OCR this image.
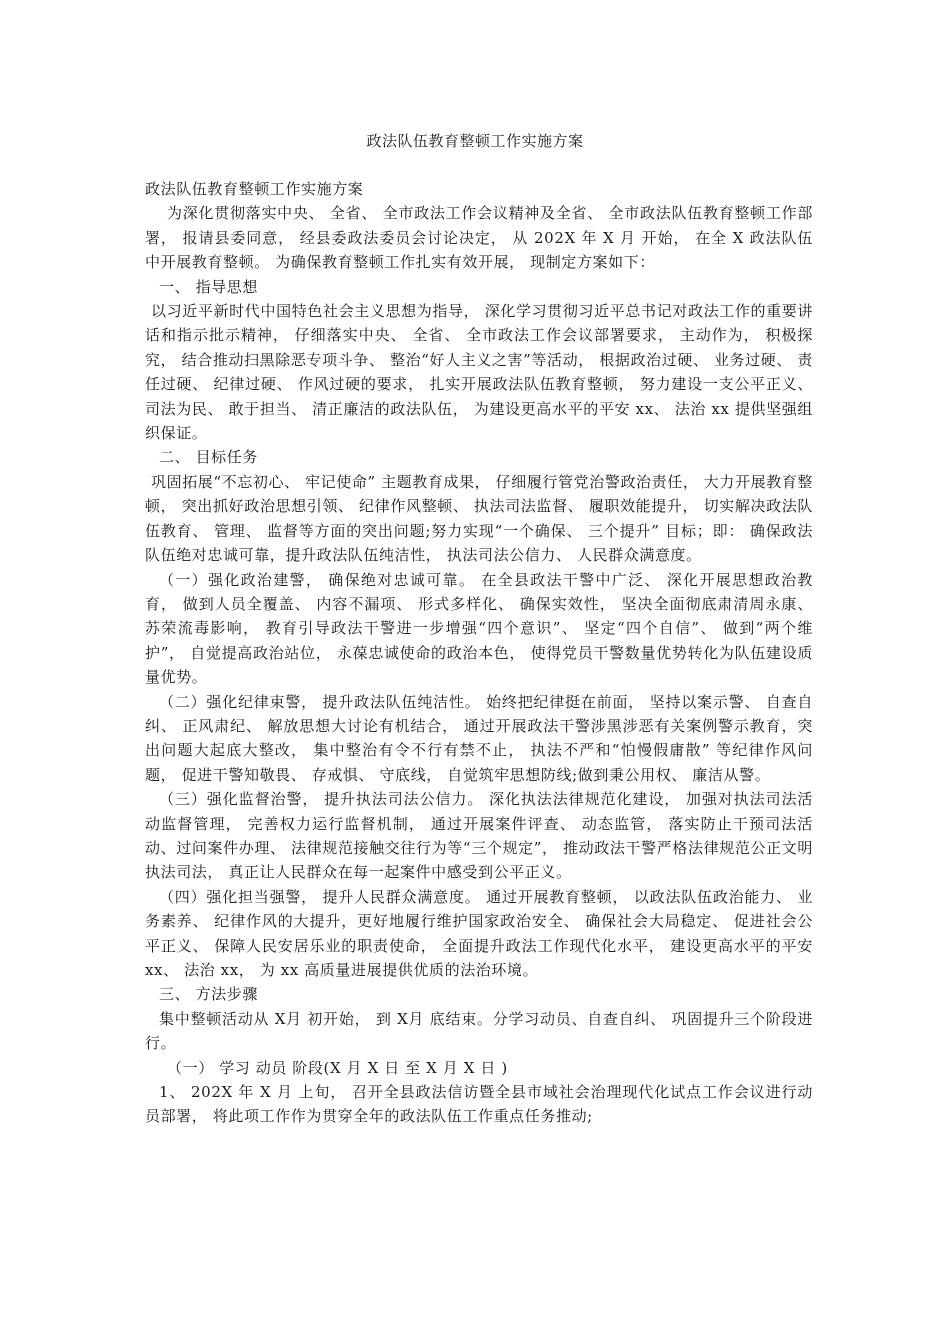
政法队伍教育整顿工作实施方案

政法队伍教育整顿工作实施方案

为深化贯彻落实中央、 全省、 全市政法工作会议精神及全省、 全市政法队伍教育整顿工作部署， 报请县委同意， 经县委政法委员会讨论决定， 从 202X 年 X 月 开始， 在全 X 政法队伍中开展教育整顿。 为确保教育整顿工作扎实有效开展， 现制定方案如下：

一、 指导思想

以习近平新时代中国特色社会主义思想为指导， 深化学习贯彻习近平总书记对政法工作的重要讲话和指示批示精神， 仔细落实中央、 全省、 全市政法工作会议部署要求， 主动作为， 积极探究， 结合推动扫黑除恶专项斗争、 整治“好人主义之害”等活动， 根据政治过硬、 业务过硬、 责任过硬、 纪律过硬、 作风过硬的要求， 扎实开展政法队伍教育整顿， 努力建设一支公平正义、 司法为民、 敢于担当、 清正廉洁的政法队伍， 为建设更高水平的平安 xx、 法治 xx 提供坚强组织保证。

二、 目标任务

巩固拓展“不忘初心、 牢记使命” 主题教育成果， 仔细履行管党治警政治责任， 大力开展教育整顿， 突出抓好政治思想引领、 纪律作风整顿、 执法司法监督、 履职效能提升， 切实解决政法队伍教育、 管理、 监督等方面的突出问题;努力实现“一个确保、 三个提升” 目标；即： 确保政法队伍绝对忠诚可靠，提升政法队伍纯洁性， 执法司法公信力、 人民群众满意度。

（一）强化政治建警， 确保绝对忠诚可靠。 在全县政法干警中广泛、 深化开展思想政治教育， 做到人员全覆盖、 内容不漏项、 形式多样化、 确保实效性， 坚决全面彻底肃清周永康、 苏荣流毒影响， 教育引导政法干警进一步增强“四个意识”、 坚定“四个自信”、 做到“两个维护”， 自觉提高政治站位， 永葆忠诚使命的政治本色， 使得党员干警数量优势转化为队伍建设质量优势。

（二）强化纪律束警， 提升政法队伍纯洁性。 始终把纪律挺在前面， 坚持以案示警、 自查自纠、 正风肃纪、 解放思想大讨论有机结合， 通过开展政法干警涉黑涉恶有关案例警示教育，突出问题大起底大整改， 集中整治有令不行有禁不止， 执法不严和“怕慢假庸散” 等纪律作风问题， 促进干警知敬畏、 存戒惧、 守底线， 自觉筑牢思想防线;做到秉公用权、 廉洁从警。

（三）强化监督治警， 提升执法司法公信力。 深化执法法律规范化建设， 加强对执法司法活动监督管理， 完善权力运行监督机制， 通过开展案件评查、 动态监管， 落实防止干预司法活动、过问案件办理、 法律规范接触交往行为等“三个规定”， 推动政法干警严格法律规范公正文明执法司法， 真正让人民群众在每一起案件中感受到公平正义。

（四）强化担当强警， 提升人民群众满意度。 通过开展教育整顿， 以政法队伍政治能力、 业务素养、 纪律作风的大提升，更好地履行维护国家政治安全、 确保社会大局稳定、 促进社会公平正义、 保障人民安居乐业的职责使命， 全面提升政法工作现代化水平， 建设更高水平的平安 xx、 法治 xx， 为 xx 高质量进展提供优质的法治环境。

三、 方法步骤

集中整顿活动从 X月 初开始， 到 X月 底结束。分学习动员、自查自纠、 巩固提升三个阶段进行。

（一） 学习 动员 阶段(X 月 X 日 至 X 月 X 日 )

1、 202X 年 X 月 上旬， 召开全县政法信访暨全县市域社会治理现代化试点工作会议进行动员部署， 将此项工作作为贯穿全年的政法队伍工作重点任务推动;
